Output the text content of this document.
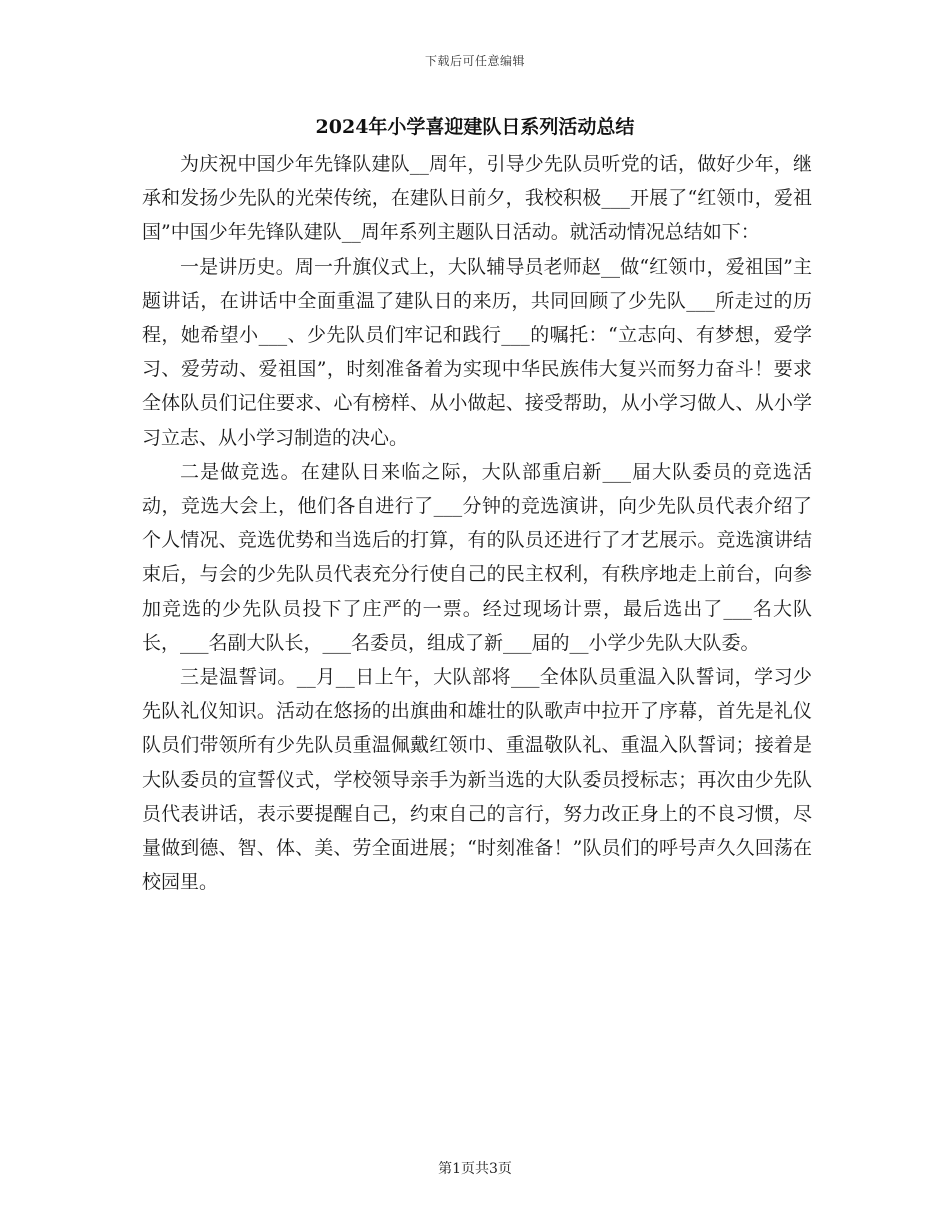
下载后可任意编辑
2024年小学喜迎建队日系列活动总结

为庆祝中国少年先锋队建队__周年，引导少先队员听党的话，做好少年，继承和发扬少先队的光荣传统，在建队日前夕，我校积极___开展了“红领巾，爱祖国”中国少年先锋队建队__周年系列主题队日活动。就活动情况总结如下：

一是讲历史。周一升旗仪式上，大队辅导员老师赵__做“红领巾，爱祖国”主题讲话，在讲话中全面重温了建队日的来历，共同回顾了少先队___所走过的历程，她希望小___、少先队员们牢记和践行___的嘱托：“立志向、有梦想，爱学习、爱劳动、爱祖国”，时刻准备着为实现中华民族伟大复兴而努力奋斗！要求全体队员们记住要求、心有榜样、从小做起、接受帮助，从小学习做人、从小学习立志、从小学习制造的决心。

二是做竞选。在建队日来临之际，大队部重启新___届大队委员的竞选活动，竞选大会上，他们各自进行了___分钟的竞选演讲，向少先队员代表介绍了个人情况、竞选优势和当选后的打算，有的队员还进行了才艺展示。竞选演讲结束后，与会的少先队员代表充分行使自己的民主权利，有秩序地走上前台，向参加竞选的少先队员投下了庄严的一票。经过现场计票，最后选出了___名大队长，___名副大队长，___名委员，组成了新___届的__小学少先队大队委。

三是温誓词。__月__日上午，大队部将___全体队员重温入队誓词，学习少先队礼仪知识。活动在悠扬的出旗曲和雄壮的队歌声中拉开了序幕，首先是礼仪队员们带领所有少先队员重温佩戴红领巾、重温敬队礼、重温入队誓词；接着是大队委员的宣誓仪式，学校领导亲手为新当选的大队委员授标志；再次由少先队员代表讲话，表示要提醒自己，约束自己的言行，努力改正身上的不良习惯，尽量做到德、智、体、美、劳全面进展；“时刻准备！”队员们的呼号声久久回荡在校园里。

第1页共3页
